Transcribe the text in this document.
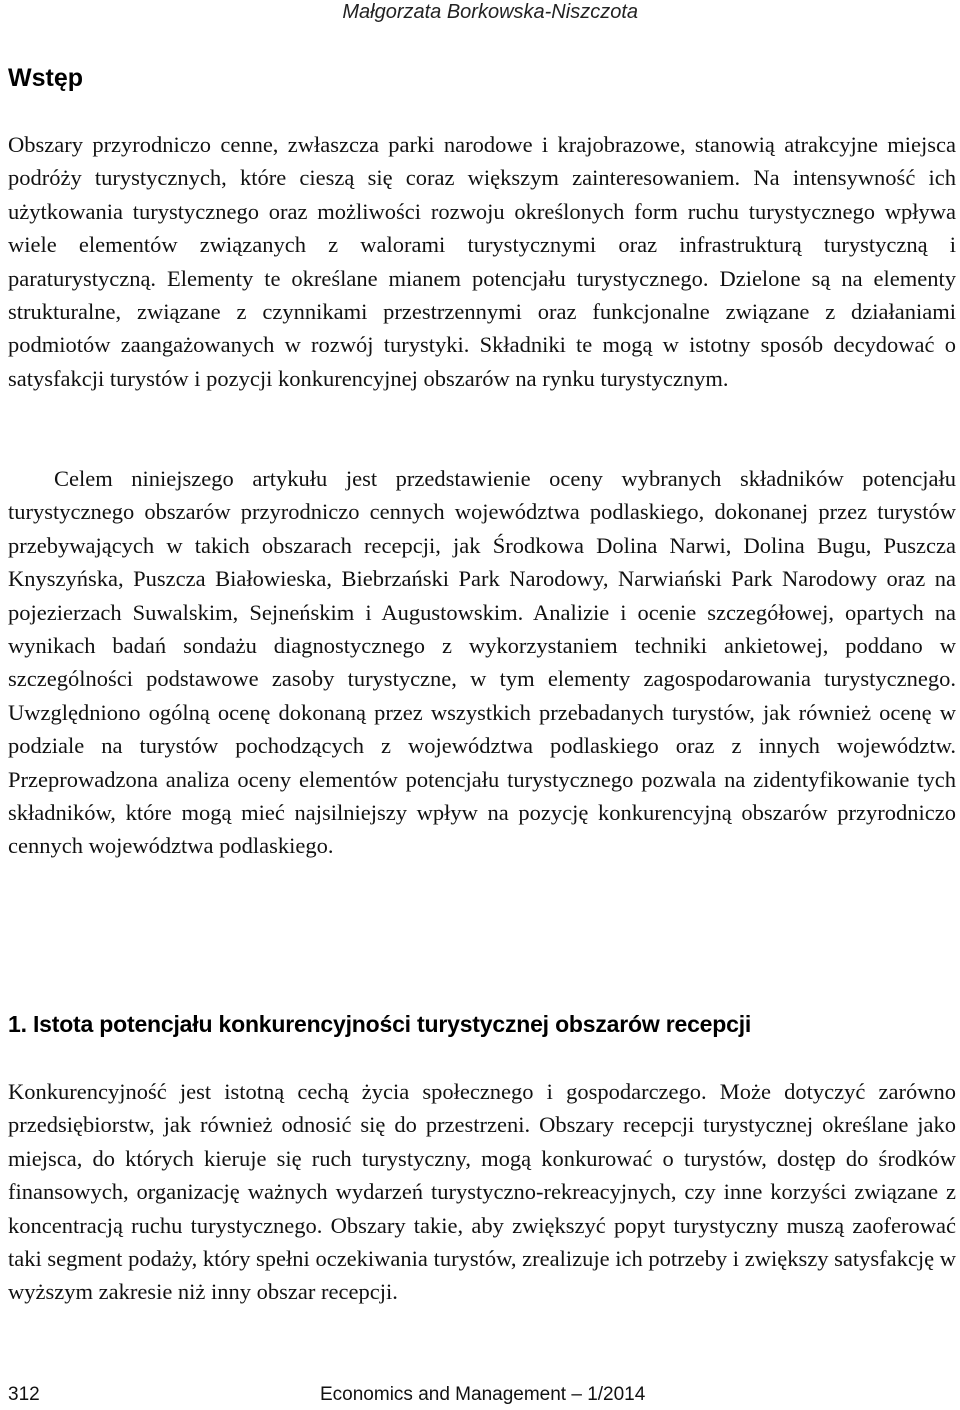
Małgorzata Borkowska-Niszczota
Wstęp

Obszary przyrodniczo cenne, zwłaszcza parki narodowe i krajobrazowe, stanowią atrakcyjne miejsca podróży turystycznych, które cieszą się coraz większym zainteresowaniem. Na intensywność ich użytkowania turystycznego oraz możliwości rozwoju określonych form ruchu turystycznego wpływa wiele elementów związanych z walorami turystycznymi oraz infrastrukturą turystyczną i paraturystyczną. Elementy te określane mianem potencjału turystycznego. Dzielone są na elementy strukturalne, związane z czynnikami przestrzennymi oraz funkcjonalne związane z działaniami podmiotów zaangażowanych w rozwój turystyki. Składniki te mogą w istotny sposób decydować o satysfakcji turystów i pozycji konkurencyjnej obszarów na rynku turystycznym.

Celem niniejszego artykułu jest przedstawienie oceny wybranych składników potencjału turystycznego obszarów przyrodniczo cennych województwa podlaskiego, dokonanej przez turystów przebywających w takich obszarach recepcji, jak Środkowa Dolina Narwi, Dolina Bugu, Puszcza Knyszyńska, Puszcza Białowieska, Biebrzański Park Narodowy, Narwiański Park Narodowy oraz na pojezierzach Suwalskim, Sejneńskim i Augustowskim. Analizie i ocenie szczegółowej, opartych na wynikach badań sondażu diagnostycznego z wykorzystaniem techniki ankietowej, poddano w szczególności podstawowe zasoby turystyczne, w tym elementy zagospodarowania turystycznego. Uwzględniono ogólną ocenę dokonaną przez wszystkich przebadanych turystów, jak również ocenę w podziale na turystów pochodzących z województwa podlaskiego oraz z innych województw. Przeprowadzona analiza oceny elementów potencjału turystycznego pozwala na zidentyfikowanie tych składników, które mogą mieć najsilniejszy wpływ na pozycję konkurencyjną obszarów przyrodniczo cennych województwa podlaskiego.

1. Istota potencjału konkurencyjności turystycznej obszarów recepcji

Konkurencyjność jest istotną cechą życia społecznego i gospodarczego. Może dotyczyć zarówno przedsiębiorstw, jak również odnosić się do przestrzeni. Obszary recepcji turystycznej określane jako miejsca, do których kieruje się ruch turystyczny, mogą konkurować o turystów, dostęp do środków finansowych, organizację ważnych wydarzeń turystyczno-rekreacyjnych, czy inne korzyści związane z koncentracją ruchu turystycznego. Obszary takie, aby zwiększyć popyt turystyczny muszą zaoferować taki segment podaży, który spełni oczekiwania turystów, zrealizuje ich potrzeby i zwiększy satysfakcję w wyższym zakresie niż inny obszar recepcji.

312	Economics and Management – 1/2014
